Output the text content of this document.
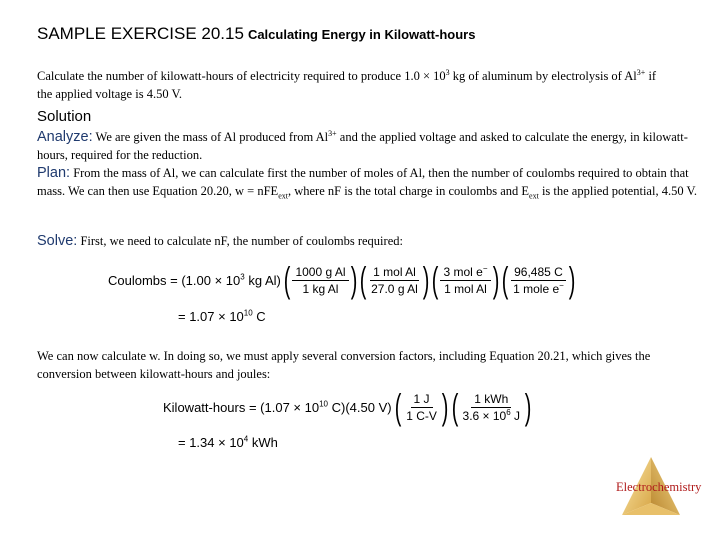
SAMPLE EXERCISE 20.15 Calculating Energy in Kilowatt-hours
Calculate the number of kilowatt-hours of electricity required to produce $1.0 \times 10^3$ kg of aluminum by electrolysis of $Al^{3+}$ if the applied voltage is 4.50 V.
Solution
Analyze: We are given the mass of Al produced from $Al^{3+}$ and the applied voltage and asked to calculate the energy, in kilowatt-hours, required for the reduction.
Plan: From the mass of Al, we can calculate first the number of moles of Al, then the number of coulombs required to obtain that mass. We can then use Equation 20.20, w = nFE$_{ext}$, where nF is the total charge in coulombs and $E_{ext}$ is the applied potential, 4.50 V.
Solve: First, we need to calculate nF, the number of coulombs required:
Coulombs = ($1.00 \times 10^3$ kg Al) ( $\frac{\text{1000 g Al}}{\text{1 kg Al}}$ ) ( $\frac{\text{1 mol Al}}{\text{27.0 g Al}}$ ) ( $\frac{3 mol e^-}{\text{1 mol Al}}$ ) ( $\frac{96,485 C}{1 mole e^-}$ )
= $1.07 \times 10^{10}$ C
We can now calculate w. In doing so, we must apply several conversion factors, including Equation 20.21, which gives the conversion between kilowatt-hours and joules:
Kilowatt-hours = ($1.07 \times 10^{10}$ C)(4.50 V) ( $\frac{1 J}{1 C-V}$ ) ( $\frac{\text{1 kWh}}{3.6 \times 10^6 J}$ )
= $1.34 \times 10^4$ kWh
Electrochemistry
